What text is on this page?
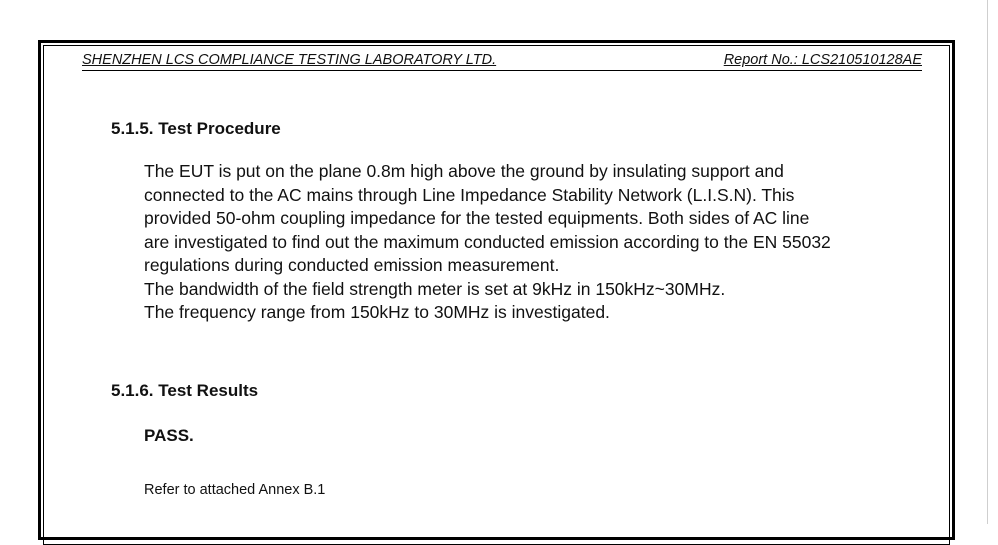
SHENZHEN LCS COMPLIANCE TESTING LABORATORY LTD.	Report No.: LCS210510128AE
5.1.5. Test Procedure

The EUT is put on the plane 0.8m high above the ground by insulating support and
connected to the AC mains through Line Impedance Stability Network (L.I.S.N). This
provided 50-ohm coupling impedance for the tested equipments. Both sides of AC line
are investigated to find out the maximum conducted emission according to the EN 55032
regulations during conducted emission measurement.
The bandwidth of the field strength meter is set at 9kHz in 150kHz~30MHz.
The frequency range from 150kHz to 30MHz is investigated.

5.1.6. Test Results
PASS.
Refer to attached Annex B.1
